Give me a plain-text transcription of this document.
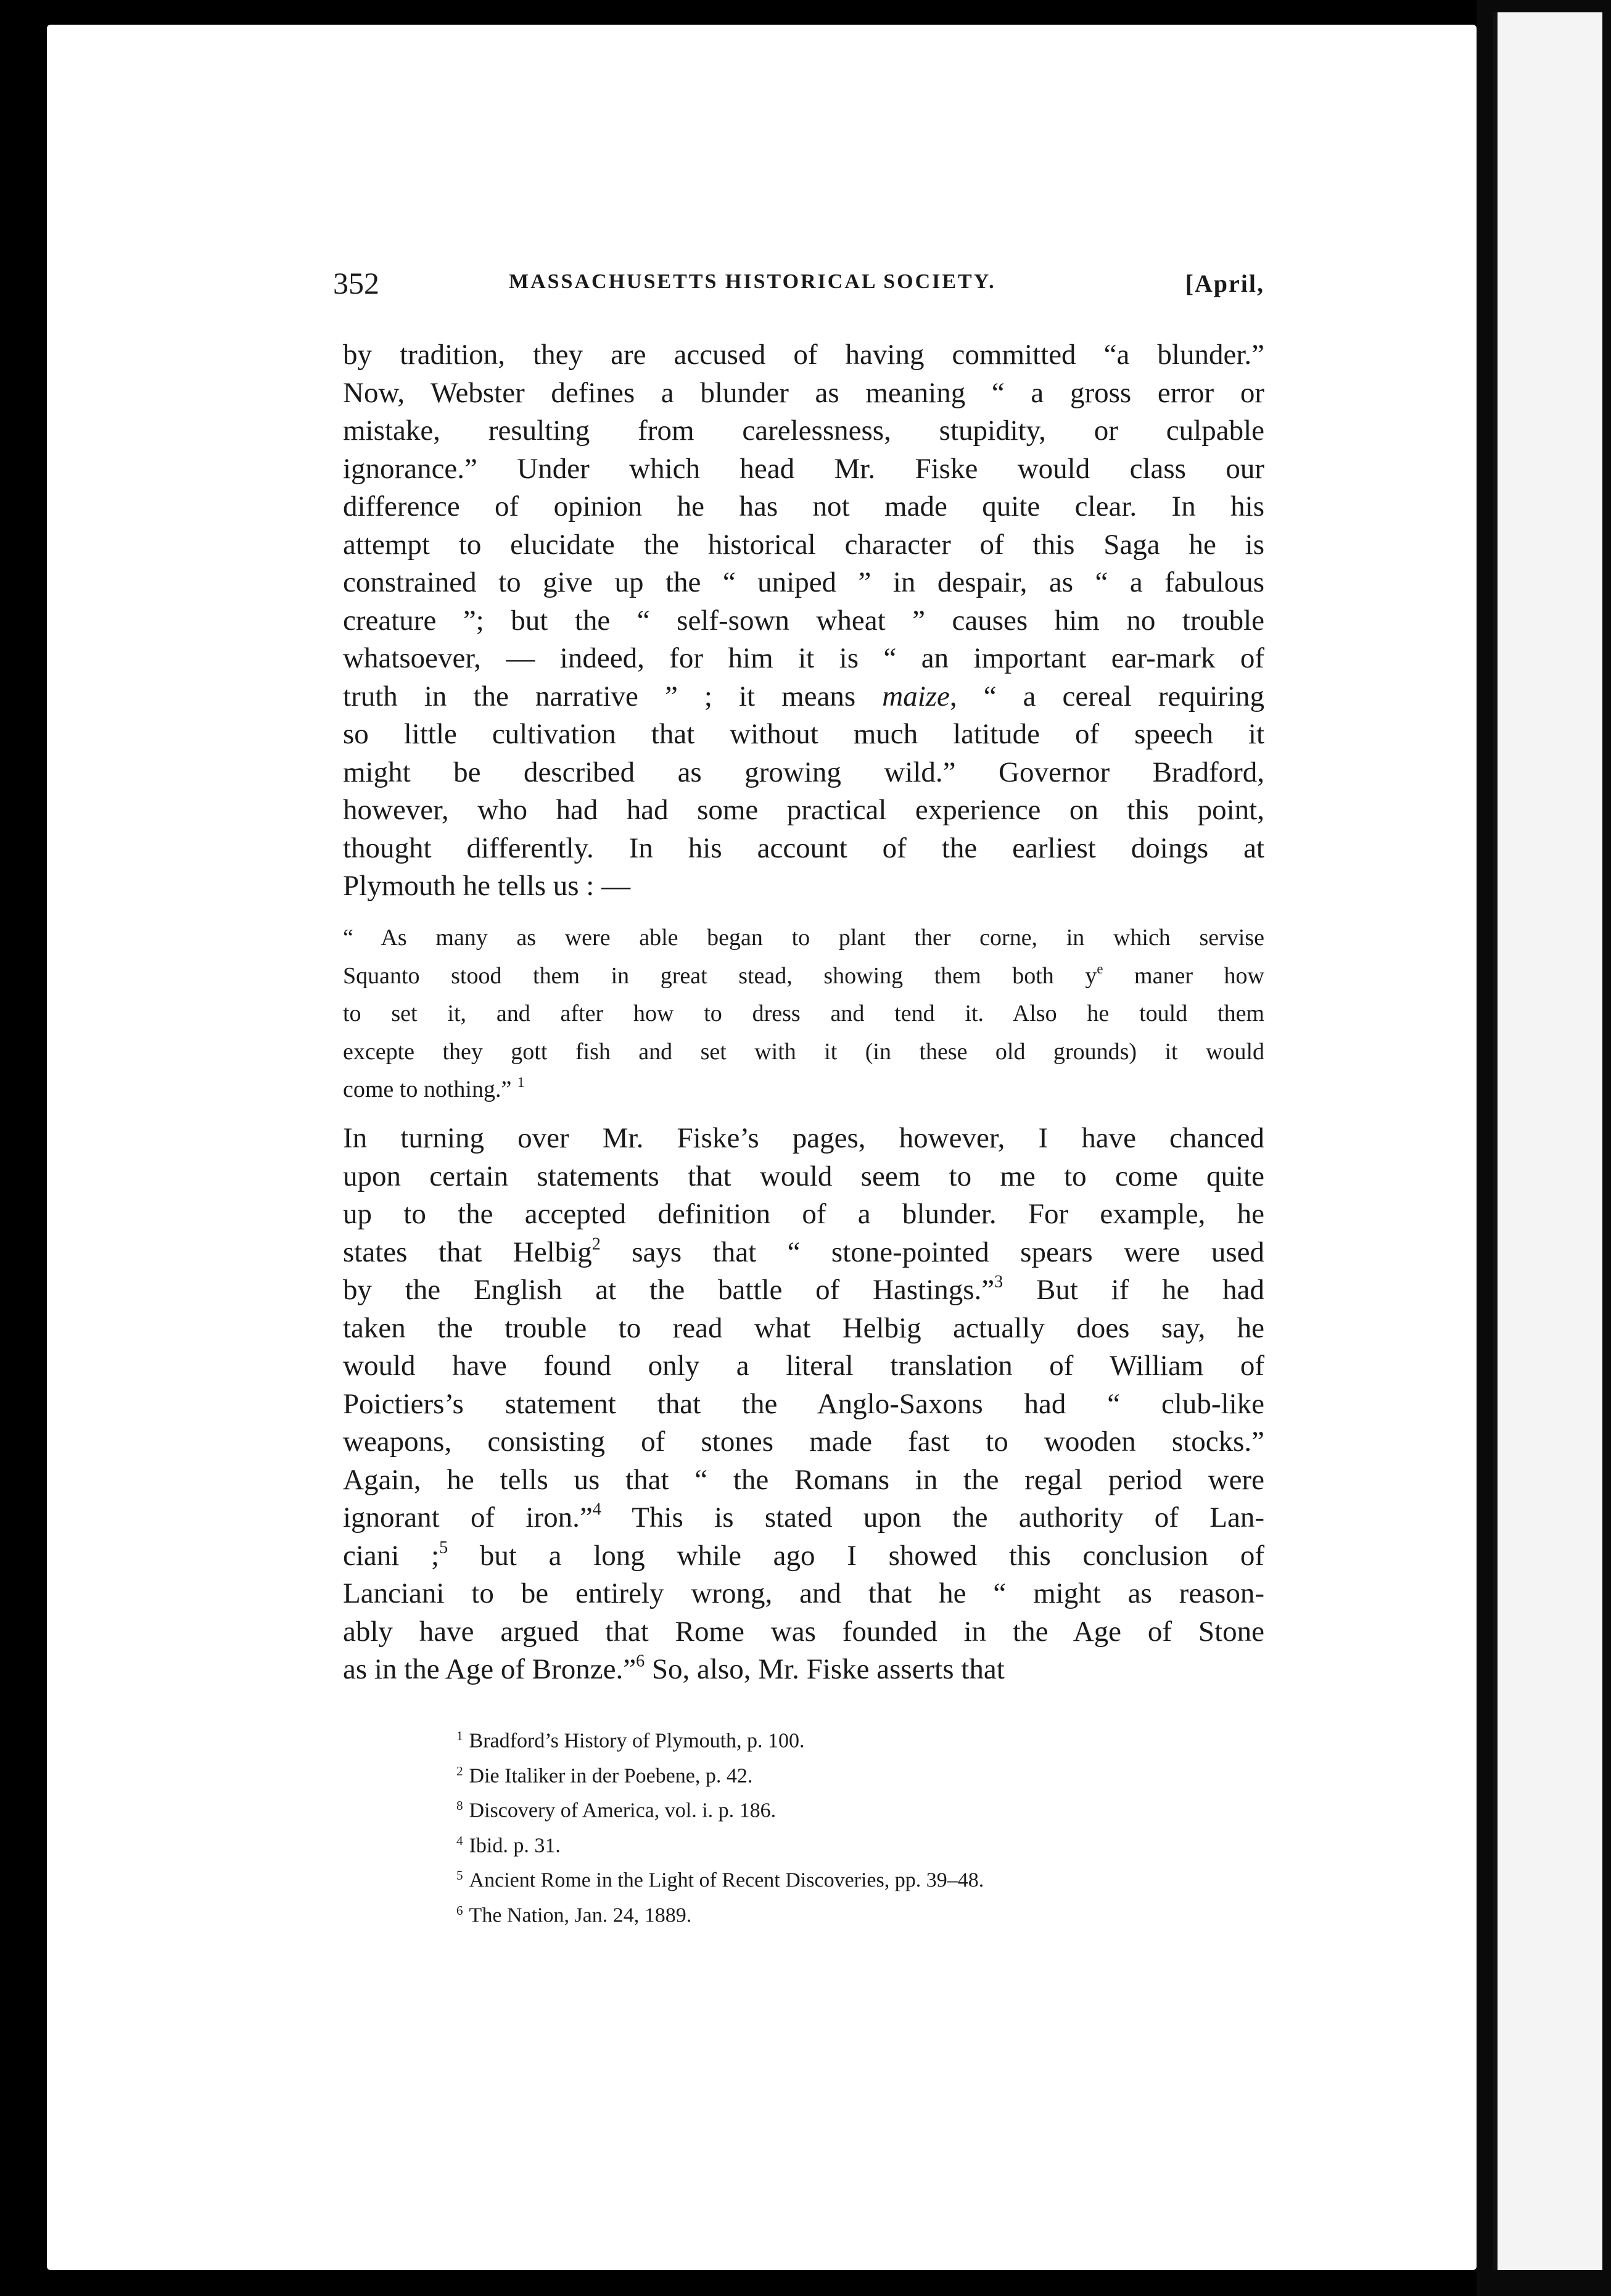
352	MASSACHUSETTS HISTORICAL SOCIETY.	[April,
by tradition, they are accused of having committed “a blunder.”
Now, Webster defines a blunder as meaning “ a gross error or
mistake, resulting from carelessness, stupidity, or culpable
ignorance.” Under which head Mr. Fiske would class our
difference of opinion he has not made quite clear. In his
attempt to elucidate the historical character of this Saga he is
constrained to give up the “ uniped ” in despair, as “ a fabulous
creature ”; but the “ self-sown wheat ” causes him no trouble
whatsoever, — indeed, for him it is “ an important ear-mark of
truth in the narrative ” ; it means maize, “ a cereal requiring
so little cultivation that without much latitude of speech it
might be described as growing wild.” Governor Bradford,
however, who had had some practical experience on this point,
thought differently. In his account of the earliest doings at
Plymouth he tells us : —
“ As many as were able began to plant ther corne, in which servise
Squanto stood them in great stead, showing them both $y^e$ maner how
to set it, and after how to dress and tend it. Also he tould them
excepte they gott fish and set with it (in these old grounds) it would
come to nothing.” $^1$
In turning over Mr. Fiske’s pages, however, I have chanced
upon certain statements that would seem to me to come quite
up to the accepted definition of a blunder. For example, he
states that Helbig$^2$ says that “ stone-pointed spears were used
by the English at the battle of Hastings.”$^3$ But if he had
taken the trouble to read what Helbig actually does say, he
would have found only a literal translation of William of
Poictiers’s statement that the Anglo-Saxons had “ club-like
weapons, consisting of stones made fast to wooden stocks.”
Again, he tells us that “ the Romans in the regal period were
ignorant of iron.”$^4$ This is stated upon the authority of Lan-
ciani ;$^5$ but a long while ago I showed this conclusion of
Lanciani to be entirely wrong, and that he “ might as reason-
ably have argued that Rome was founded in the Age of Stone
as in the Age of Bronze.”$^6$ So, also, Mr. Fiske asserts that
$^1$ Bradford’s History of Plymouth, p. 100.
$^2$ Die Italiker in der Poebene, p. 42.
$^8$ Discovery of America, vol. i. p. 186.
$^4$ Ibid. p. 31.
$^5$ Ancient Rome in the Light of Recent Discoveries, pp. 39–48.
$^6$ The Nation, Jan. 24, 1889.
